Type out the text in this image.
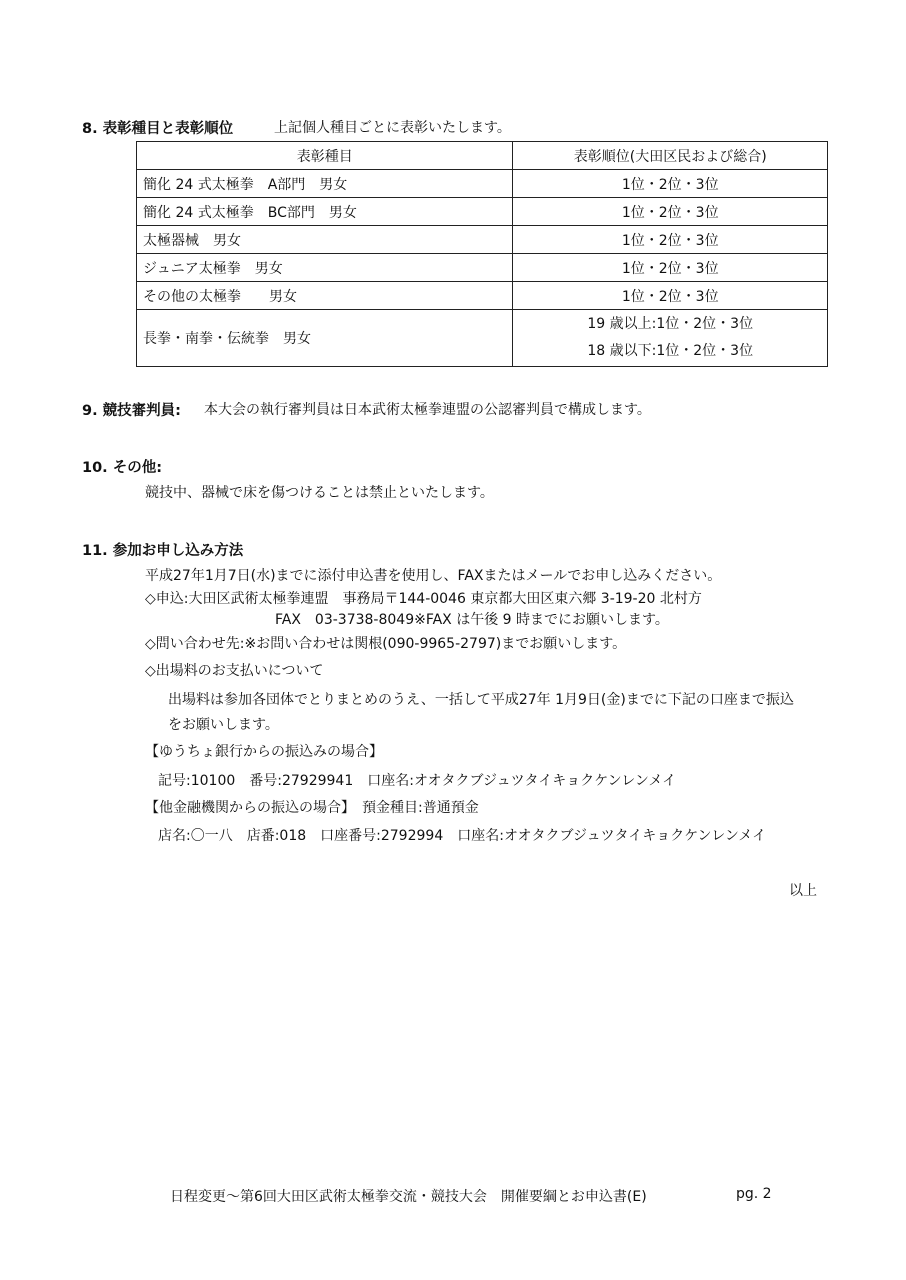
8. 表彰種目と表彰順位	上記個人種目ごとに表彰いたします。
表彰種目	表彰順位(大田区民および総合)
簡化 24 式太極拳　A部門　男女	1位・2位・3位
簡化 24 式太極拳　BC部門　男女	1位・2位・3位
太極器械　男女	1位・2位・3位
ジュニア太極拳　男女	1位・2位・3位
その他の太極拳　　男女	1位・2位・3位
長拳・南拳・伝統拳　男女	19 歳以上:1位・2位・3位
18 歳以下:1位・2位・3位
9. 競技審判員: 本大会の執行審判員は日本武術太極拳連盟の公認審判員で構成します。
10. その他:
競技中、器械で床を傷つけることは禁止といたします。
11. 参加お申し込み方法
平成27年1月7日(水)までに添付申込書を使用し、FAXまたはメールでお申し込みください。
◇申込:大田区武術太極拳連盟　事務局〒144-0046 東京都大田区東六郷 3-19-20 北村方
FAX　03-3738-8049※FAX は午後 9 時までにお願いします。
◇問い合わせ先:※お問い合わせは関根(090-9965-2797)までお願いします。
◇出場料のお支払いについて
出場料は参加各団体でとりまとめのうえ、一括して平成27年 1月9日(金)までに下記の口座まで振込
をお願いします。
【ゆうちょ銀行からの振込みの場合】
記号:10100　番号:27929941　口座名:オオタクブジュツタイキョクケンレンメイ
【他金融機関からの振込の場合】　預金種目:普通預金
店名:〇一八　店番:018　口座番号:2792994　口座名:オオタクブジュツタイキョクケンレンメイ
以上
日程変更～第6回大田区武術太極拳交流・競技大会　開催要綱とお申込書(E)	pg. 2
